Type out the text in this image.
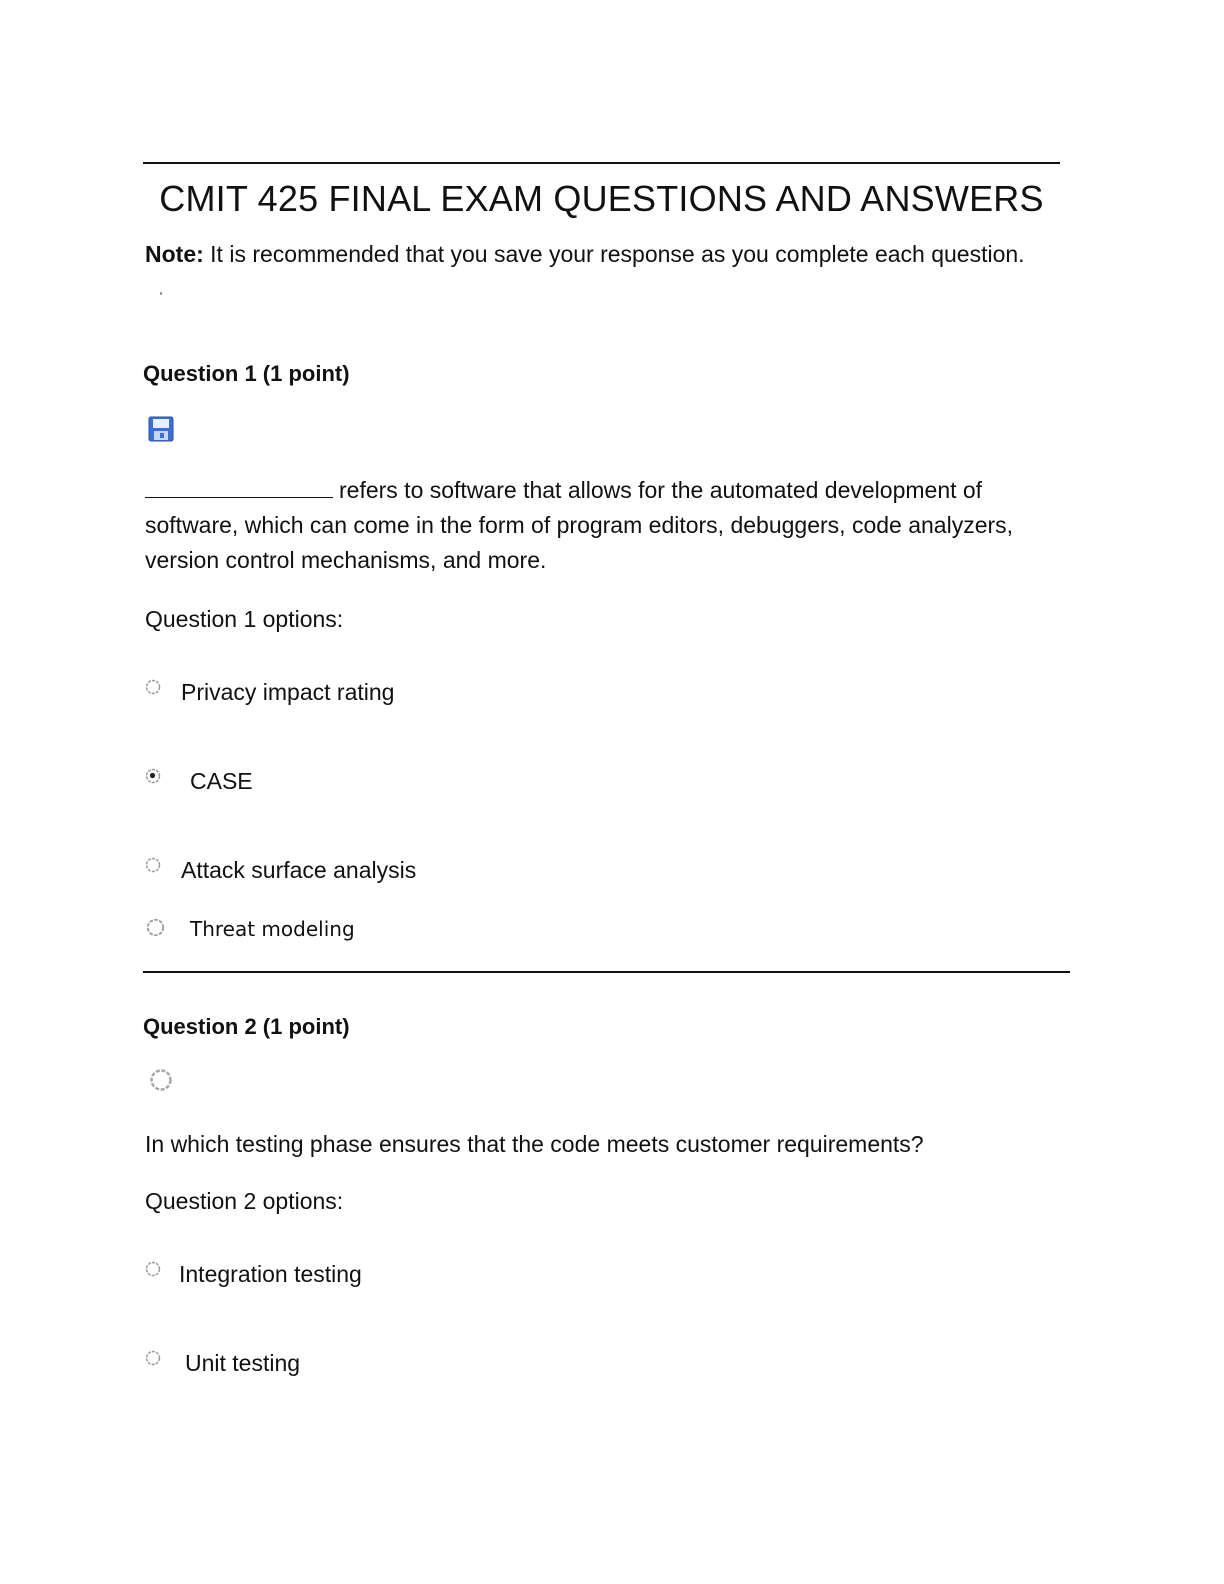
CMIT 425 FINAL EXAM QUESTIONS AND ANSWERS
Note: It is recommended that you save your response as you complete each question.
Question 1 (1 point)
refers to software that allows for the automated development of software, which can come in the form of program editors, debuggers, code analyzers, version control mechanisms, and more.
Question 1 options:
Privacy impact rating
CASE
Attack surface analysis
Threat modeling
Question 2 (1 point)
In which testing phase ensures that the code meets customer requirements?
Question 2 options:
Integration testing
Unit testing
